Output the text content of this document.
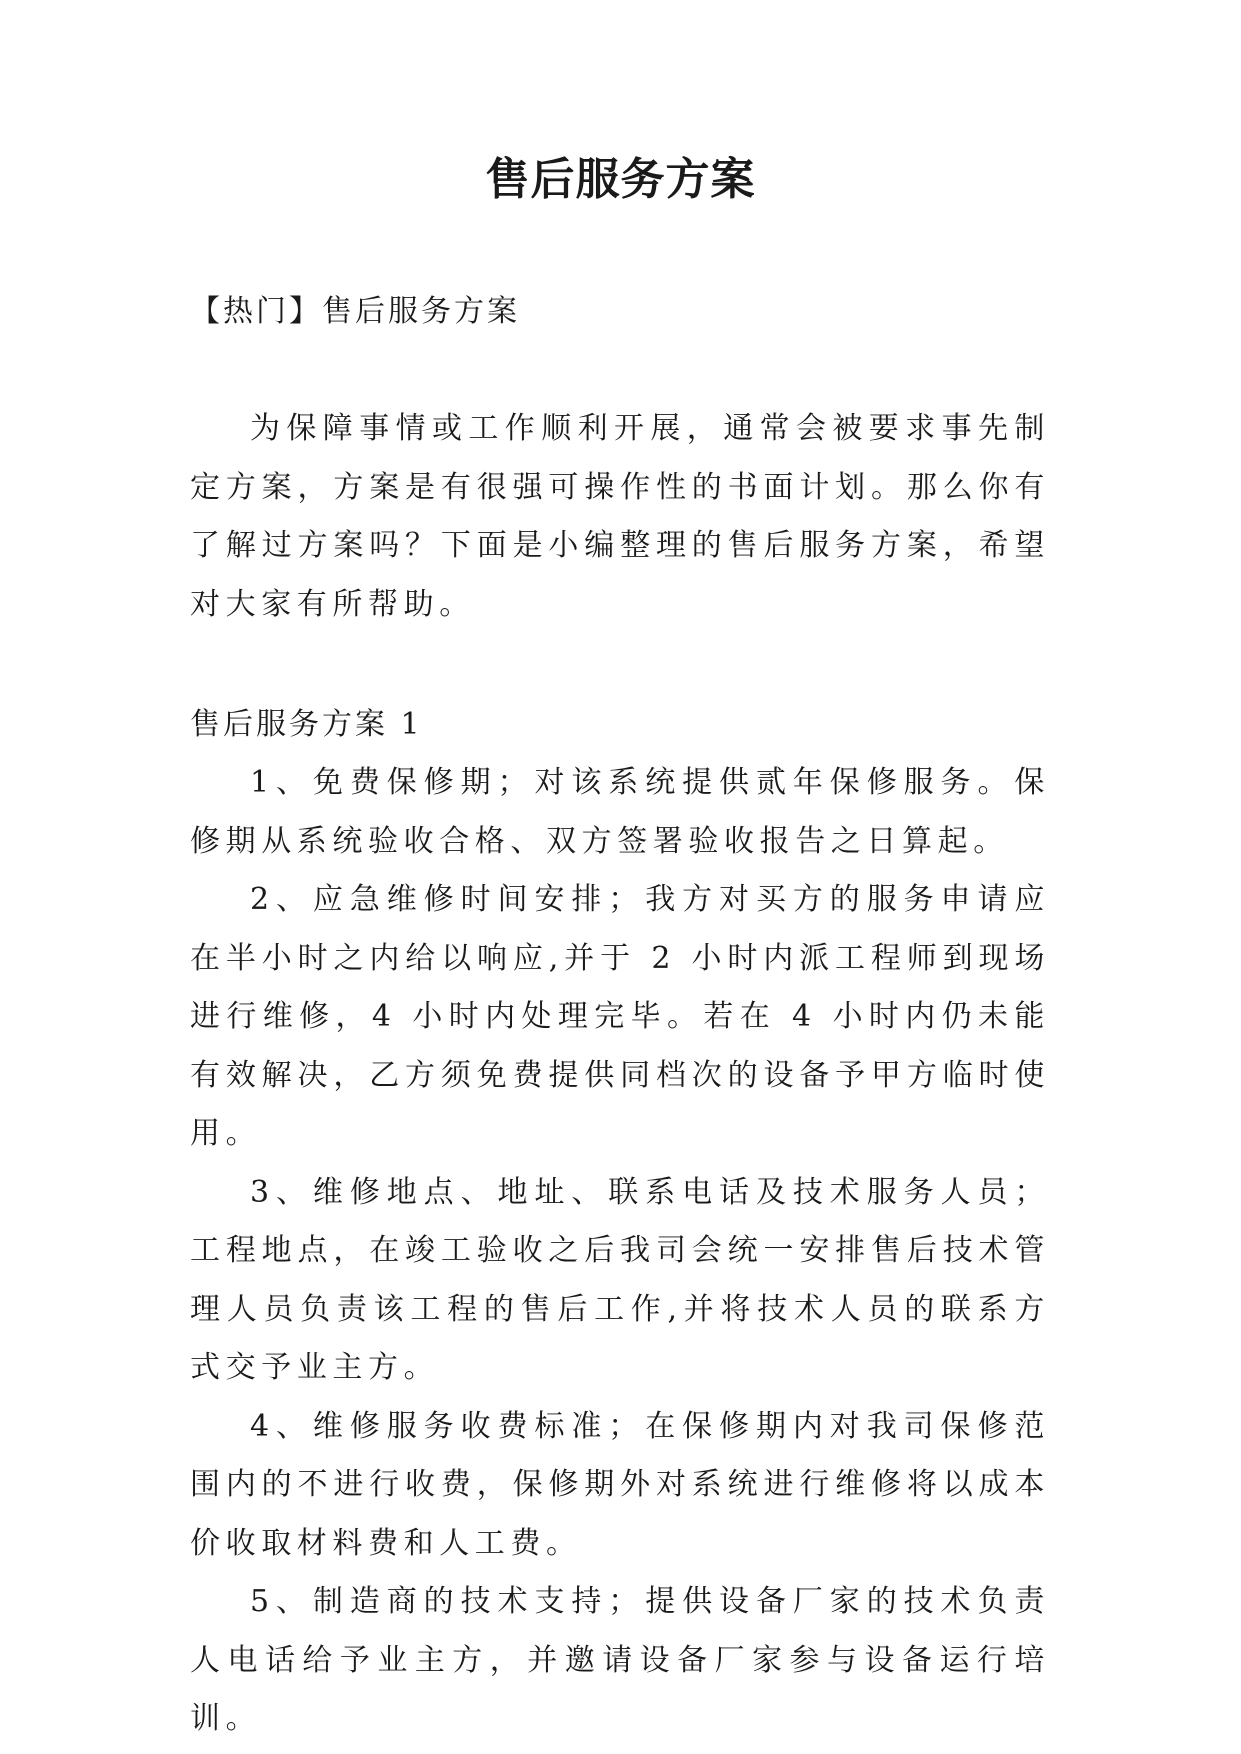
售后服务方案
【热门】售后服务方案

为保障事情或工作顺利开展，通常会被要求事先制定方案，方案是有很强可操作性的书面计划。那么你有了解过方案吗？下面是小编整理的售后服务方案，希望对大家有所帮助。

售后服务方案 1

1、免费保修期；对该系统提供贰年保修服务。保修期从系统验收合格、双方签署验收报告之日算起。

2、应急维修时间安排；我方对买方的服务申请应在半小时之内给以响应,并于 2 小时内派工程师到现场进行维修，4 小时内处理完毕。若在 4 小时内仍未能有效解决，乙方须免费提供同档次的设备予甲方临时使用。

3、维修地点、地址、联系电话及技术服务人员；工程地点，在竣工验收之后我司会统一安排售后技术管理人员负责该工程的售后工作,并将技术人员的联系方式交予业主方。

4、维修服务收费标准；在保修期内对我司保修范围内的不进行收费，保修期外对系统进行维修将以成本价收取材料费和人工费。

5、制造商的技术支持；提供设备厂家的技术负责人电话给予业主方，并邀请设备厂家参与设备运行培训。
